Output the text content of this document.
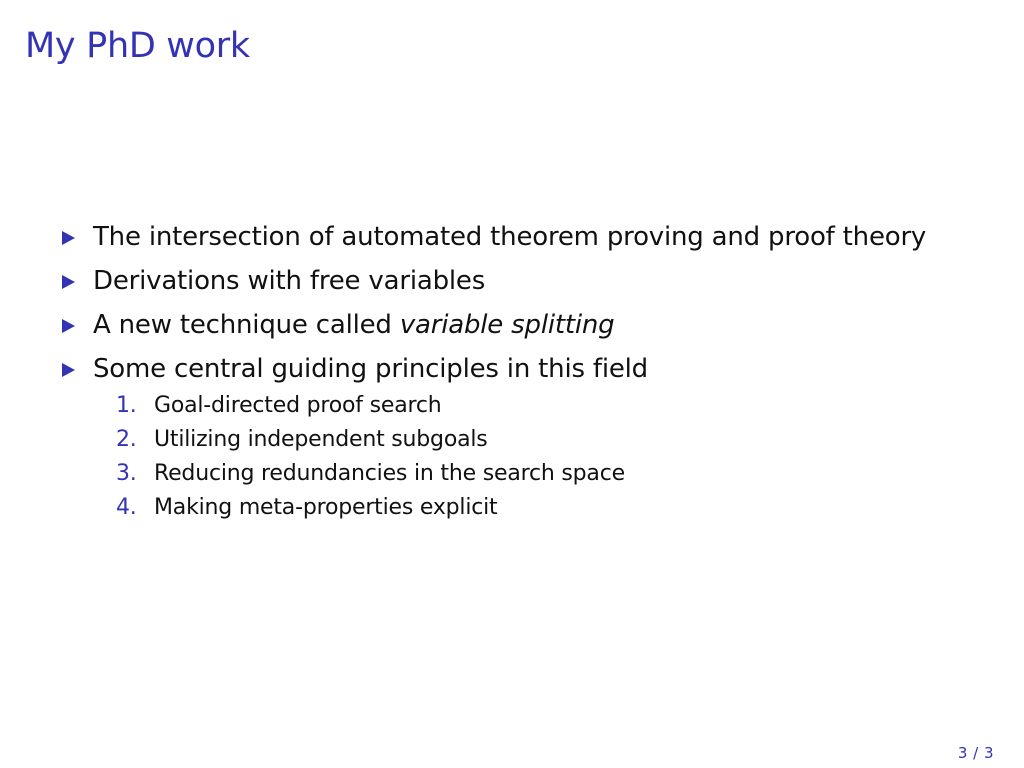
My PhD work
The intersection of automated theorem proving and proof theory
Derivations with free variables
A new technique called variable splitting
Some central guiding principles in this field
1. Goal-directed proof search
2. Utilizing independent subgoals
3. Reducing redundancies in the search space
4. Making meta-properties explicit
3 / 3
